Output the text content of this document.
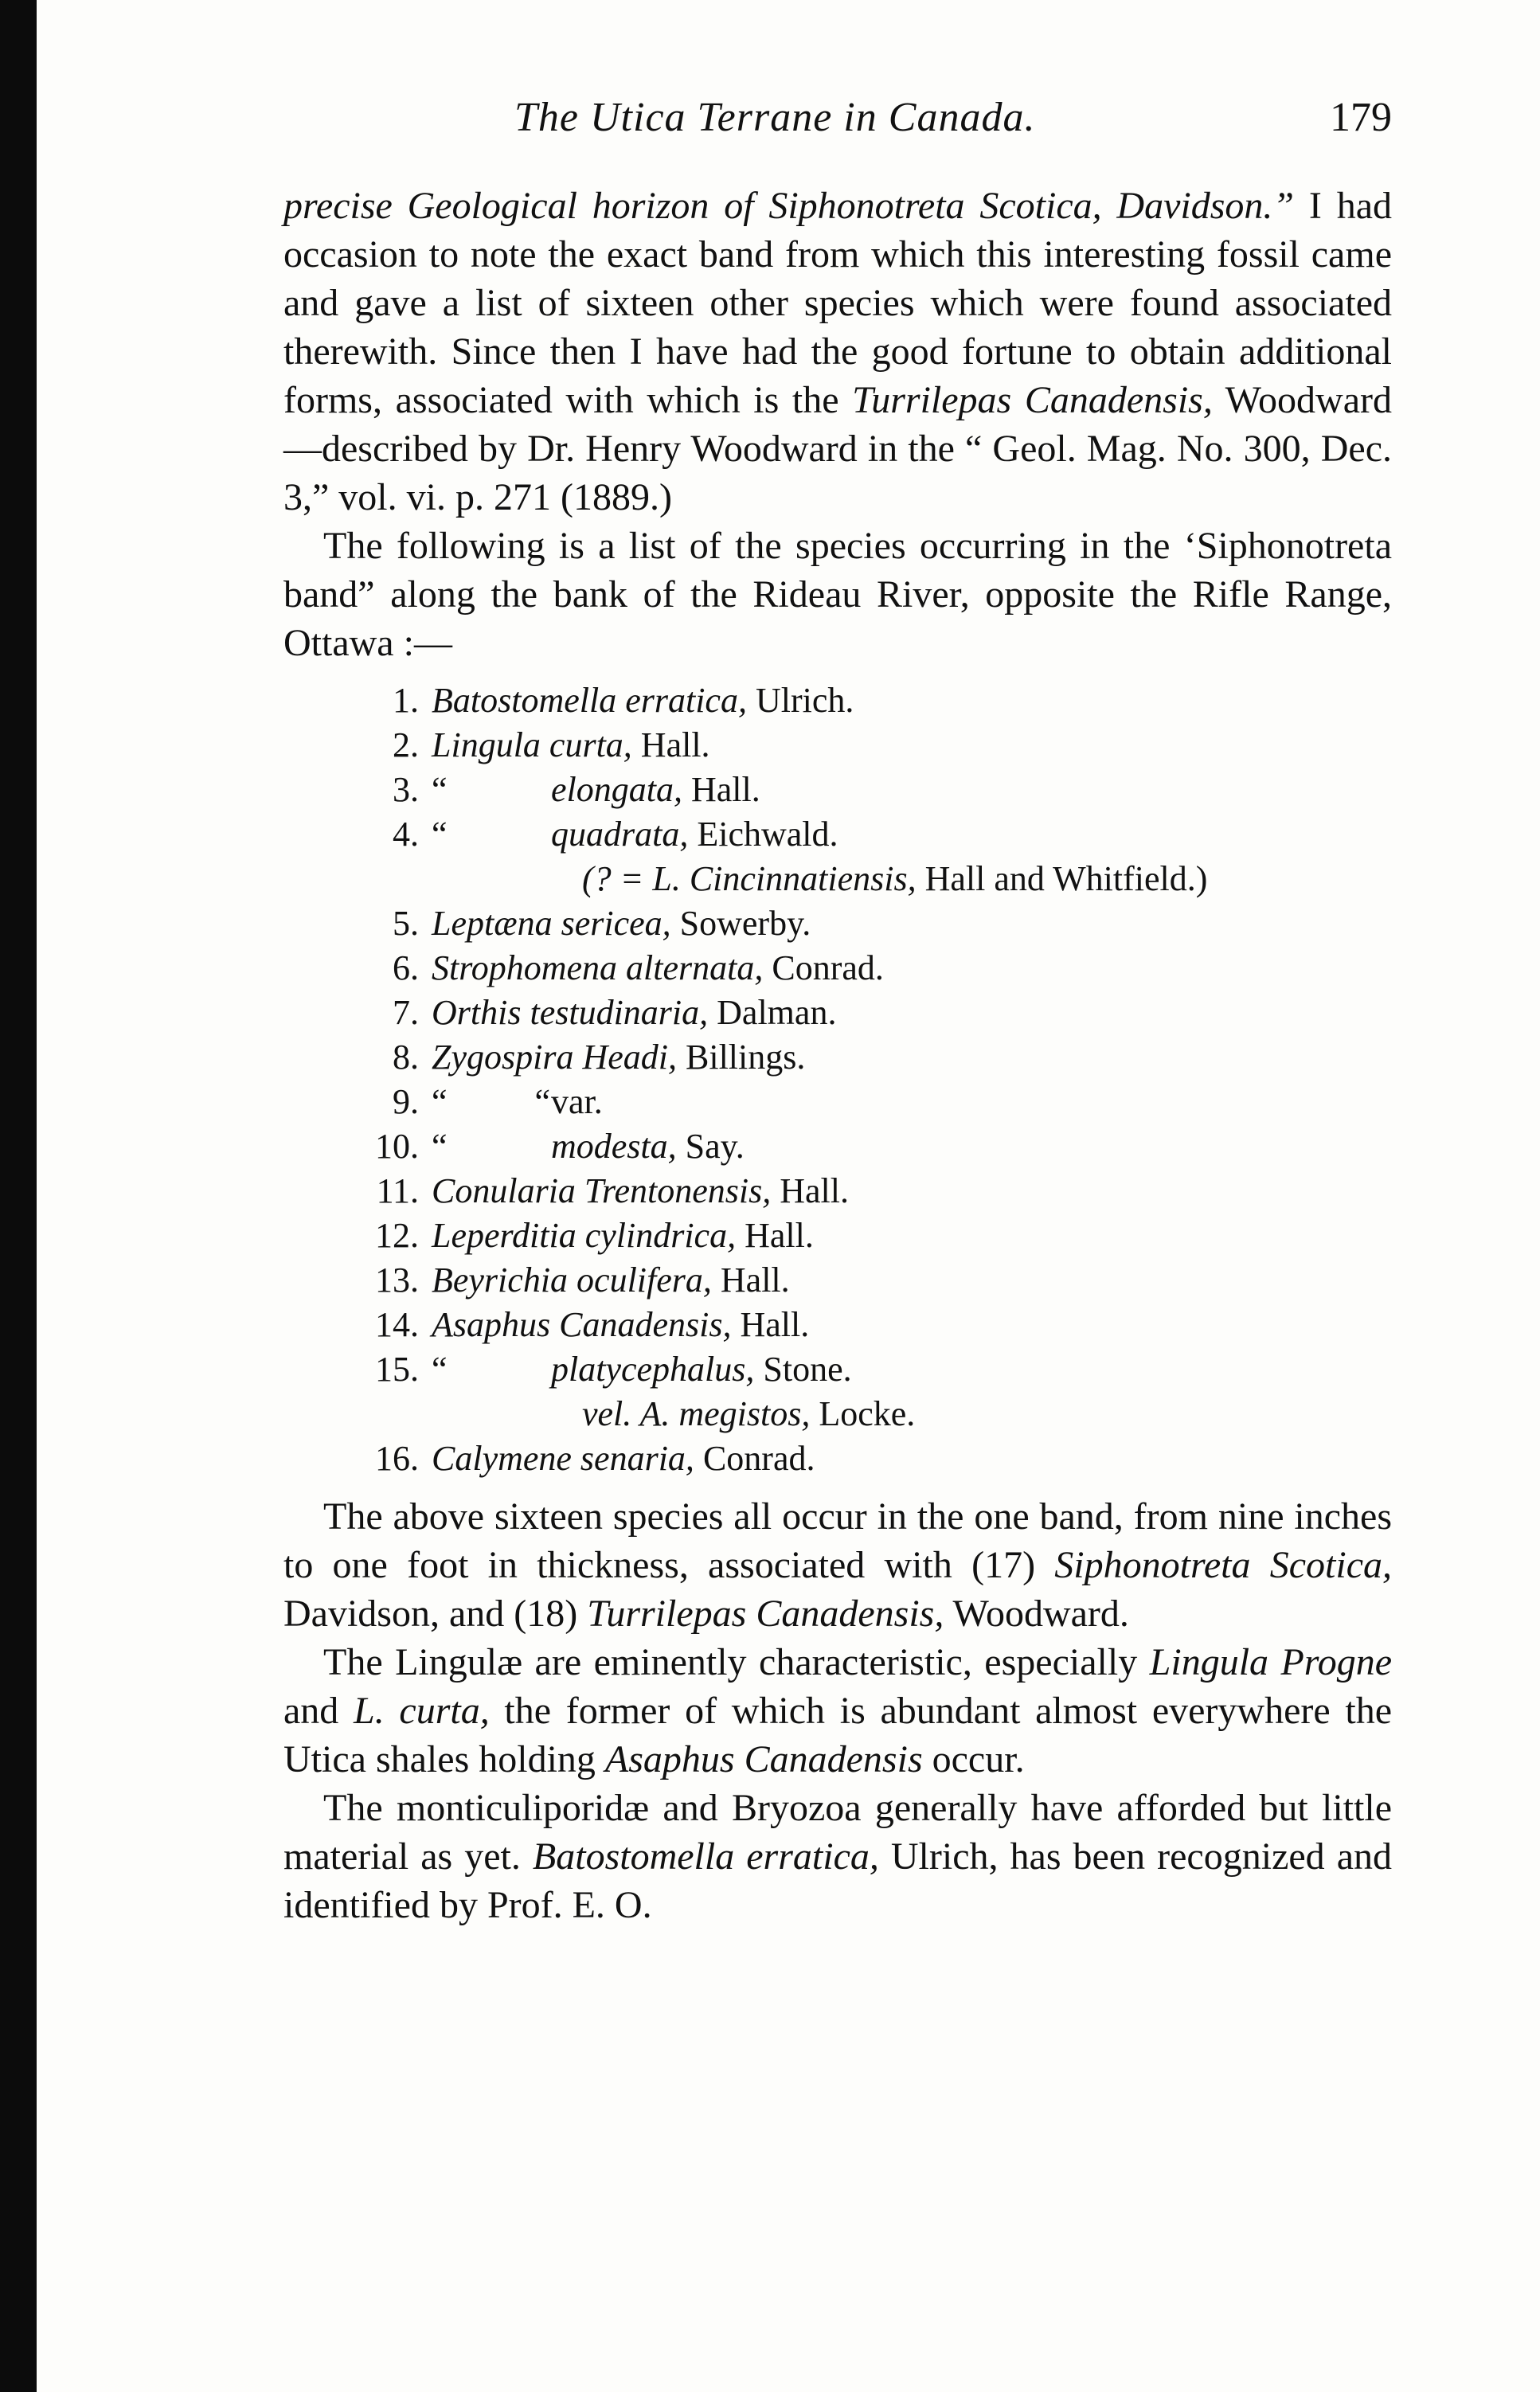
The Utica Terrane in Canada.	179

precise Geological horizon of Siphonotreta Scotica, Davidson.” I had occasion to note the exact band from which this interesting fossil came and gave a list of sixteen other species which were found associated therewith. Since then I have had the good fortune to obtain additional forms, associated with which is the Turrilepas Canadensis, Woodward—described by Dr. Henry Woodward in the “ Geol. Mag. No. 300, Dec. 3,” vol. vi. p. 271 (1889.)

The following is a list of the species occurring in the ‘Siphonotreta band” along the bank of the Rideau River, opposite the Rifle Range, Ottawa :—

1. Batostomella erratica, Ulrich.
2. Lingula curta, Hall.
3. “	elongata, Hall.
4. “	quadrata, Eichwald.
(? = L. Cincinnatiensis, Hall and Whitfield.)
5. Leptæna sericea, Sowerby.
6. Strophomena alternata, Conrad.
7. Orthis testudinaria, Dalman.
8. Zygospira Headi, Billings.
9. “          “var.
10. “	modesta, Say.
11. Conularia Trentonensis, Hall.
12. Leperditia cylindrica, Hall.
13. Beyrichia oculifera, Hall.
14. Asaphus Canadensis, Hall.
15. “	platycephalus, Stone.
vel. A. megistos, Locke.
16. Calymene senaria, Conrad.

The above sixteen species all occur in the one band, from nine inches to one foot in thickness, associated with (17) Siphonotreta Scotica, Davidson, and (18) Turrilepas Canadensis, Woodward.

The Lingulæ are eminently characteristic, especially Lingula Progne and L. curta, the former of which is abundant almost everywhere the Utica shales holding Asaphus Canadensis occur.

The monticuliporidæ and Bryozoa generally have afforded but little material as yet. Batostomella erratica, Ulrich, has been recognized and identified by Prof. E. O.
